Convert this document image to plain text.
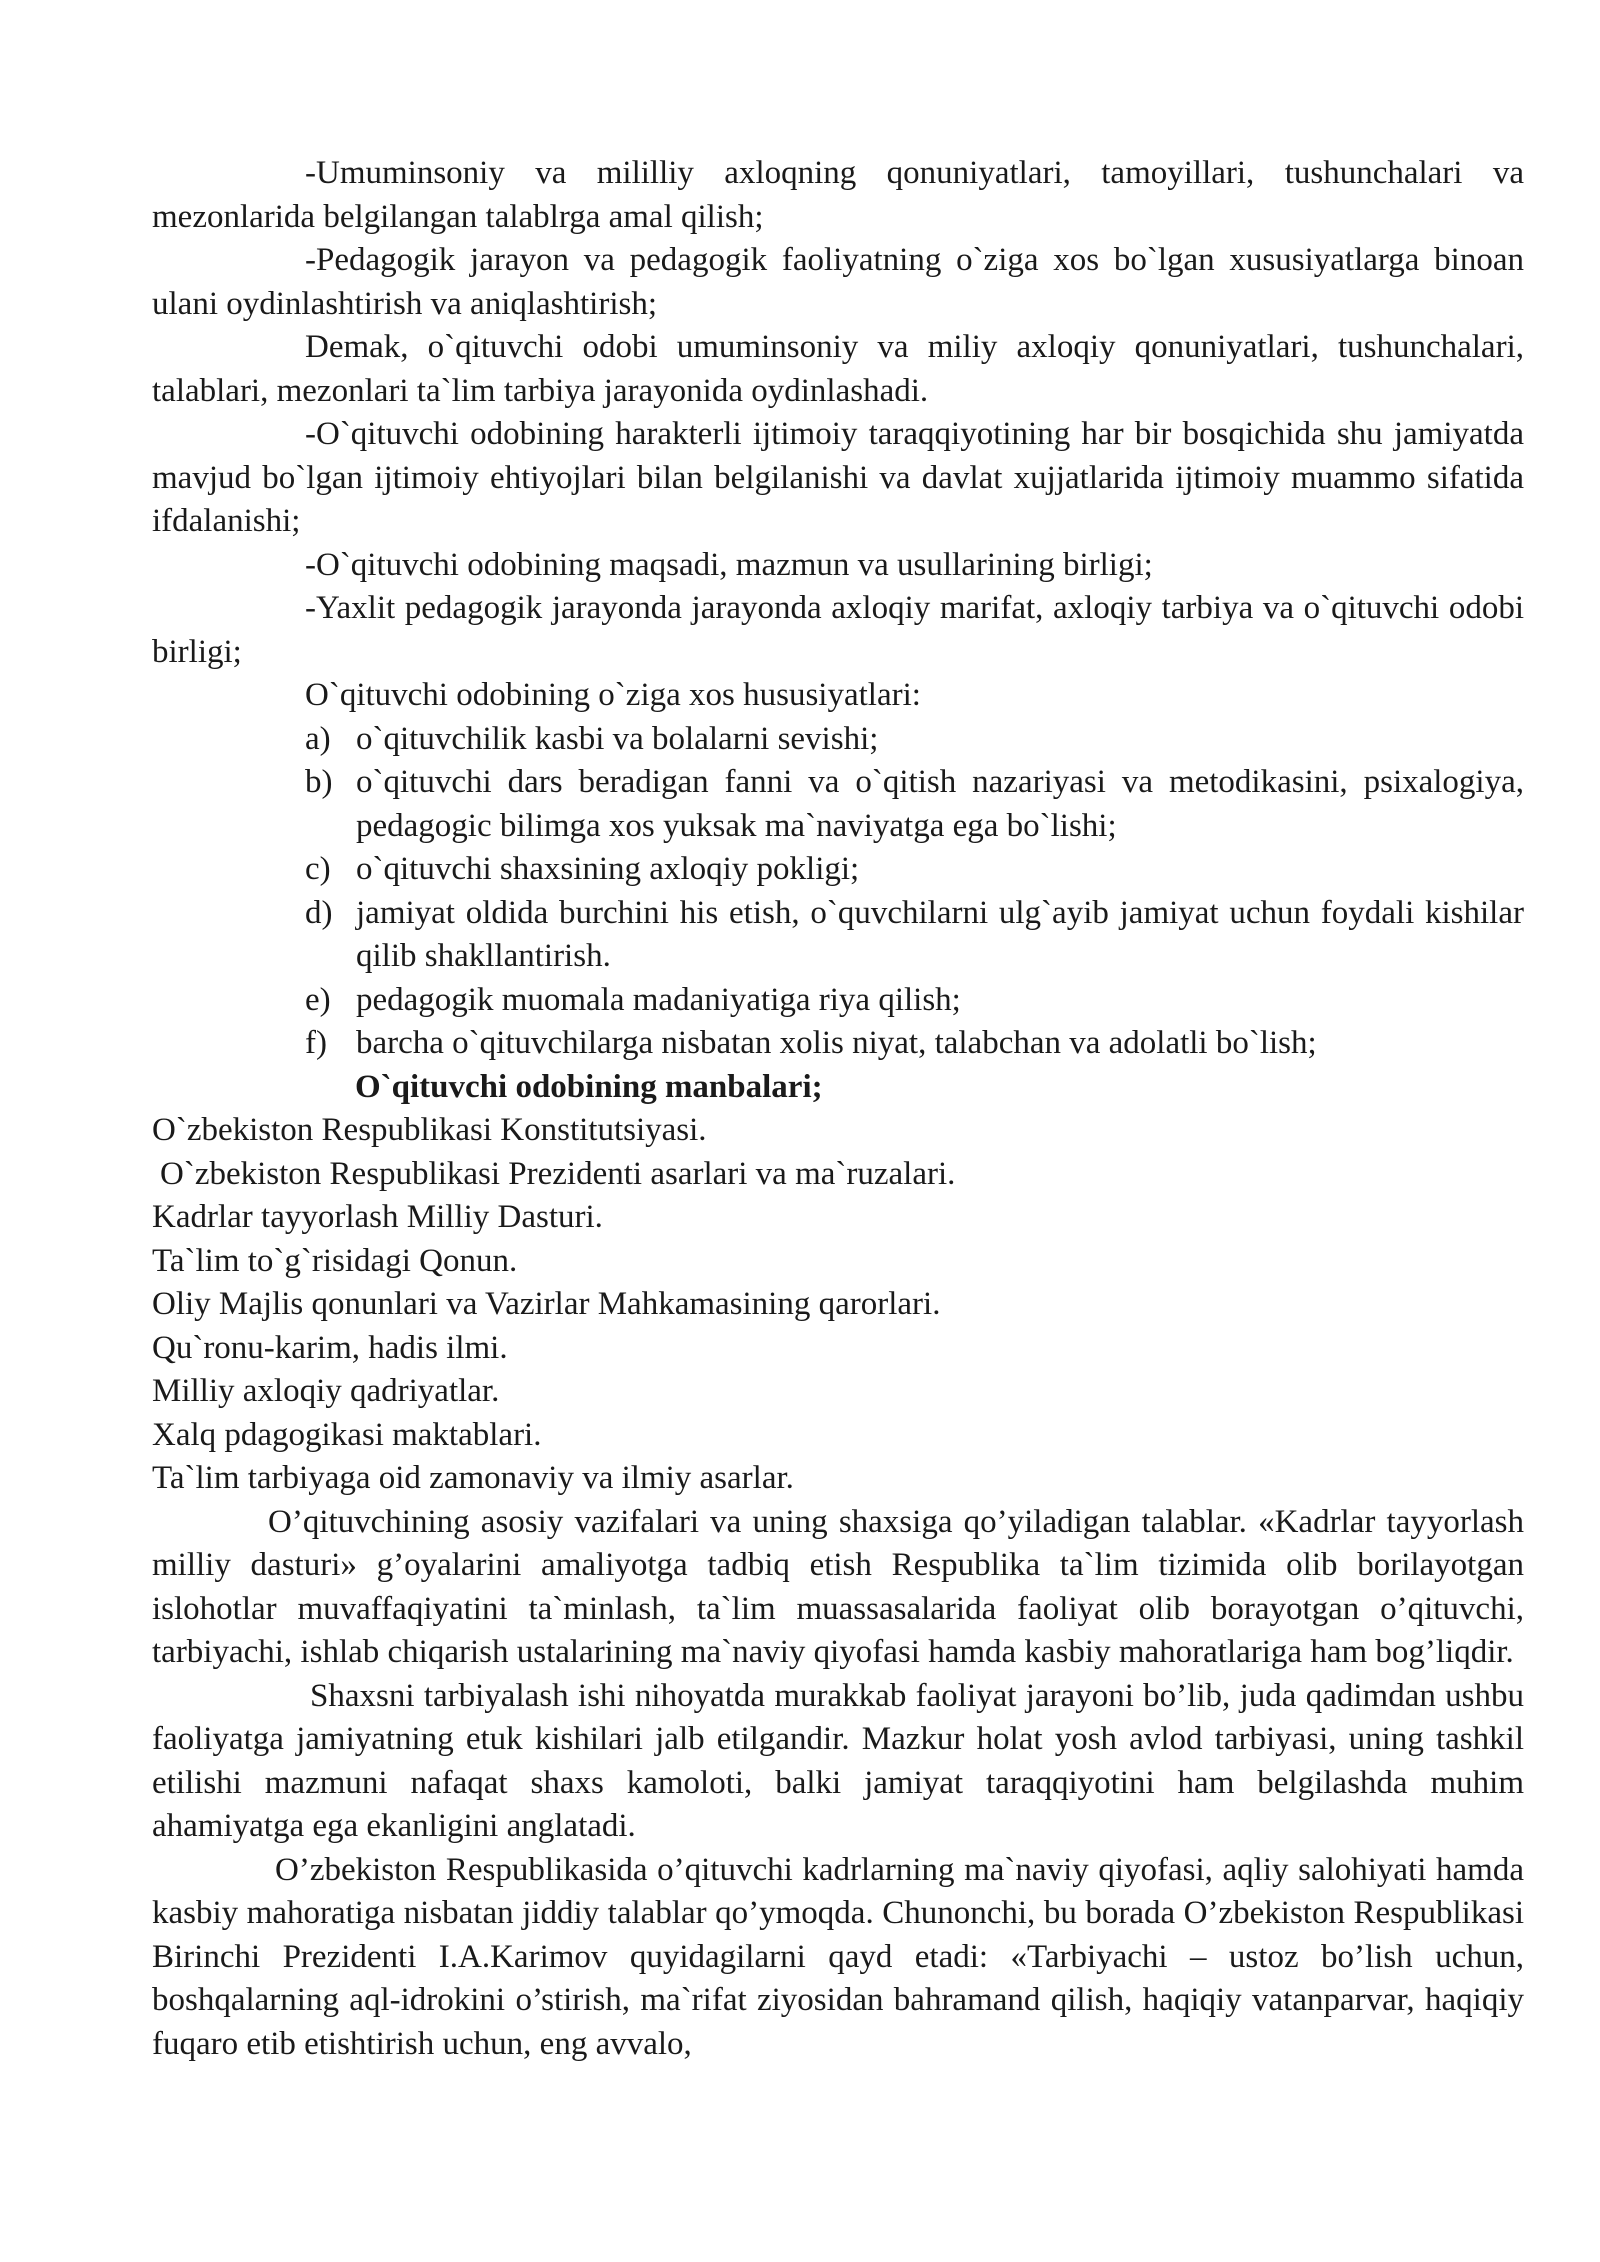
-Umuminsoniy va mililliy axloqning qonuniyatlari, tamoyillari, tushunchalari va mezonlarida belgilangan talablrga amal qilish;

-Pedagogik jarayon va pedagogik faoliyatning o`ziga xos bo`lgan xususiyatlarga binoan ulani oydinlashtirish va aniqlashtirish;

Demak, o`qituvchi odobi umuminsoniy va miliy axloqiy qonuniyatlari, tushunchalari, talablari, mezonlari ta`lim tarbiya jarayonida oydinlashadi.

-O`qituvchi odobining harakterli ijtimoiy taraqqiyotining har bir bosqichida shu jamiyatda mavjud bo`lgan ijtimoiy ehtiyojlari bilan belgilanishi va davlat xujjatlarida ijtimoiy muammo sifatida ifdalanishi;

-O`qituvchi odobining maqsadi, mazmun va usullarining birligi;

-Yaxlit pedagogik jarayonda jarayonda axloqiy marifat, axloqiy tarbiya va o`qituvchi odobi birligi;

O`qituvchi odobining o`ziga xos hususiyatlari:

a) o`qituvchilik kasbi va bolalarni sevishi;
b) o`qituvchi dars beradigan fanni va o`qitish nazariyasi va metodikasini, psixalogiya, pedagogic bilimga xos yuksak ma`naviyatga ega bo`lishi;
c) o`qituvchi shaxsining axloqiy pokligi;
d) jamiyat oldida burchini his etish, o`quvchilarni ulg`ayib jamiyat uchun foydali kishilar qilib shakllantirish.
e) pedagogik muomala madaniyatiga riya qilish;
f) barcha o`qituvchilarga nisbatan xolis niyat, talabchan va adolatli bo`lish;

O`qituvchi odobining manbalari;

O`zbekiston Respublikasi Konstitutsiyasi.

O`zbekiston Respublikasi Prezidenti asarlari va ma`ruzalari.

Kadrlar tayyorlash Milliy Dasturi.

Ta`lim to`g`risidagi Qonun.

Oliy Majlis qonunlari va Vazirlar Mahkamasining qarorlari.

Qu`ronu-karim, hadis ilmi.

Milliy axloqiy qadriyatlar.

Xalq pdagogikasi maktablari.

Ta`lim tarbiyaga oid zamonaviy va ilmiy asarlar.

O’qituvchining asosiy vazifalari va uning shaxsiga qo’yiladigan talablar. «Kadrlar tayyorlash milliy dasturi» g’oyalarini amaliyotga tadbiq etish Respublika ta`lim tizimida olib borilayotgan islohotlar muvaffaqiyatini ta`minlash, ta`lim muassasalarida faoliyat olib borayotgan o’qituvchi, tarbiyachi, ishlab chiqarish ustalarining ma`naviy qiyofasi hamda kasbiy mahoratlariga ham bog’liqdir.

Shaxsni tarbiyalash ishi nihoyatda murakkab faoliyat jarayoni bo’lib, juda qadimdan ushbu faoliyatga jamiyatning etuk kishilari jalb etilgandir. Mazkur holat yosh avlod tarbiyasi, uning tashkil etilishi mazmuni nafaqat shaxs kamoloti, balki jamiyat taraqqiyotini ham belgilashda muhim ahamiyatga ega ekanligini anglatadi.

O’zbekiston Respublikasida o’qituvchi kadrlarning ma`naviy qiyofasi, aqliy salohiyati hamda kasbiy mahoratiga nisbatan jiddiy talablar qo’ymoqda. Chunonchi, bu borada O’zbekiston Respublikasi Birinchi Prezidenti I.A.Karimov quyidagilarni qayd etadi: «Tarbiyachi – ustoz bo’lish uchun, boshqalarning aql-idrokini o’stirish, ma`rifat ziyosidan bahramand qilish, haqiqiy vatanparvar, haqiqiy fuqaro etib etishtirish uchun, eng avvalo,
